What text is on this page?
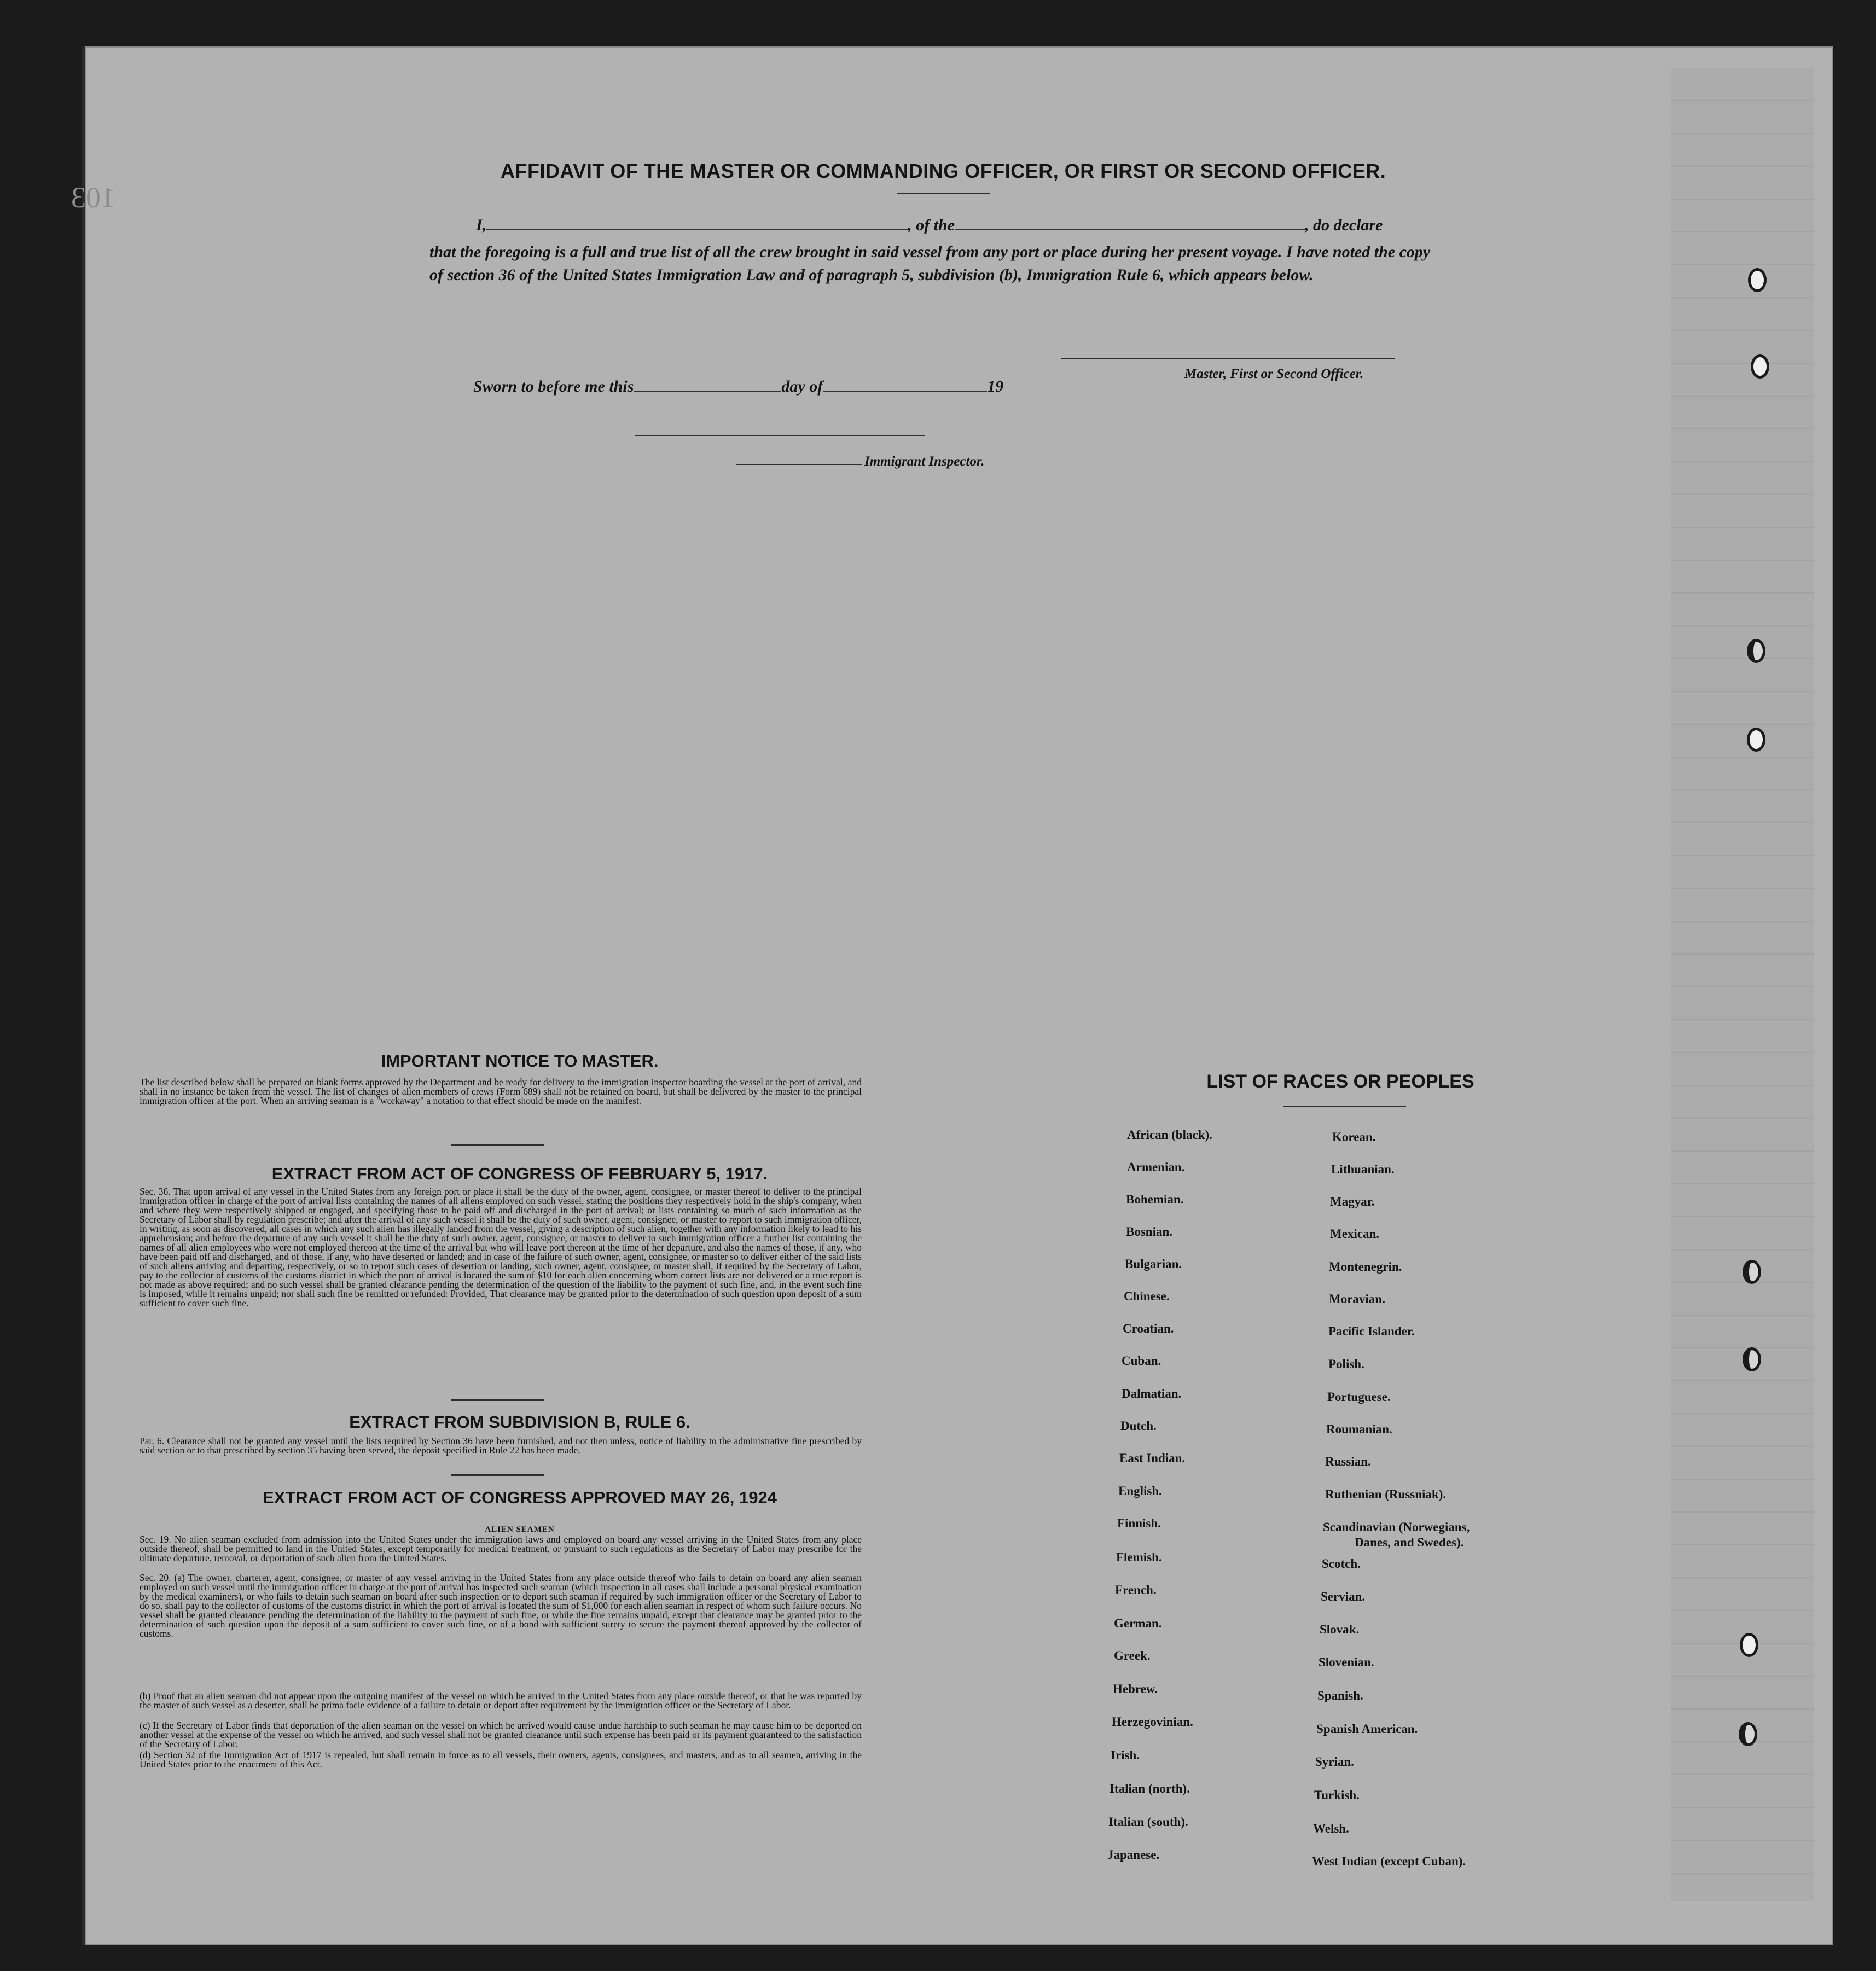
103
AFFIDAVIT OF THE MASTER OR COMMANDING OFFICER, OR FIRST OR SECOND OFFICER.
I,	, of the	, do declare
that the foregoing is a full and true list of all the crew brought in said vessel from any port or place during her present voyage. I have noted the copy of section 36 of the United States Immigration Law and of paragraph 5, subdivision (b), Immigration Rule 6, which appears below.
Master, First or Second Officer.
Sworn to before me this	day of	19
Immigrant Inspector.
IMPORTANT NOTICE TO MASTER.
The list described below shall be prepared on blank forms approved by the Department and be ready for delivery to the immigration inspector boarding the vessel at the port of arrival, and shall in no instance be taken from the vessel. The list of changes of alien members of crews (Form 689) shall not be retained on board, but shall be delivered by the master to the principal immigration officer at the port. When an arriving seaman is a "workaway" a notation to that effect should be made on the manifest.
EXTRACT FROM ACT OF CONGRESS OF FEBRUARY 5, 1917.
Sec. 36. That upon arrival of any vessel in the United States from any foreign port or place it shall be the duty of the owner, agent, consignee, or master thereof to deliver to the principal immigration officer in charge of the port of arrival lists containing the names of all aliens employed on such vessel, stating the positions they respectively hold in the ship's company, when and where they were respectively shipped or engaged, and specifying those to be paid off and discharged in the port of arrival; or lists containing so much of such information as the Secretary of Labor shall by regulation prescribe; and after the arrival of any such vessel it shall be the duty of such owner, agent, consignee, or master to report to such immigration officer, in writing, as soon as discovered, all cases in which any such alien has illegally landed from the vessel, giving a description of such alien, together with any information likely to lead to his apprehension; and before the departure of any such vessel it shall be the duty of such owner, agent, consignee, or master to deliver to such immigration officer a further list containing the names of all alien employees who were not employed thereon at the time of the arrival but who will leave port thereon at the time of her departure, and also the names of those, if any, who have been paid off and discharged, and of those, if any, who have deserted or landed; and in case of the failure of such owner, agent, consignee, or master so to deliver either of the said lists of such aliens arriving and departing, respectively, or so to report such cases of desertion or landing, such owner, agent, consignee, or master shall, if required by the Secretary of Labor, pay to the collector of customs of the customs district in which the port of arrival is located the sum of $10 for each alien concerning whom correct lists are not delivered or a true report is not made as above required; and no such vessel shall be granted clearance pending the determination of the question of the liability to the payment of such fine, and, in the event such fine is imposed, while it remains unpaid; nor shall such fine be remitted or refunded: Provided, That clearance may be granted prior to the determination of such question upon deposit of a sum sufficient to cover such fine.
EXTRACT FROM SUBDIVISION B, RULE 6.
Par. 6. Clearance shall not be granted any vessel until the lists required by Section 36 have been furnished, and not then unless, notice of liability to the administrative fine prescribed by said section or to that prescribed by section 35 having been served, the deposit specified in Rule 22 has been made.
EXTRACT FROM ACT OF CONGRESS APPROVED MAY 26, 1924
ALIEN SEAMEN
Sec. 19. No alien seaman excluded from admission into the United States under the immigration laws and employed on board any vessel arriving in the United States from any place outside thereof, shall be permitted to land in the United States, except temporarily for medical treatment, or pursuant to such regulations as the Secretary of Labor may prescribe for the ultimate departure, removal, or deportation of such alien from the United States.
Sec. 20. (a) The owner, charterer, agent, consignee, or master of any vessel arriving in the United States from any place outside thereof who fails to detain on board any alien seaman employed on such vessel until the immigration officer in charge at the port of arrival has inspected such seaman (which inspection in all cases shall include a personal physical examination by the medical examiners), or who fails to detain such seaman on board after such inspection or to deport such seaman if required by such immigration officer or the Secretary of Labor to do so, shall pay to the collector of customs of the customs district in which the port of arrival is located the sum of $1,000 for each alien seaman in respect of whom such failure occurs. No vessel shall be granted clearance pending the determination of the liability to the payment of such fine, or while the fine remains unpaid, except that clearance may be granted prior to the determination of such question upon the deposit of a sum sufficient to cover such fine, or of a bond with sufficient surety to secure the payment thereof approved by the collector of customs.
(b) Proof that an alien seaman did not appear upon the outgoing manifest of the vessel on which he arrived in the United States from any place outside thereof, or that he was reported by the master of such vessel as a deserter, shall be prima facie evidence of a failure to detain or deport after requirement by the immigration officer or the Secretary of Labor.
(c) If the Secretary of Labor finds that deportation of the alien seaman on the vessel on which he arrived would cause undue hardship to such seaman he may cause him to be deported on another vessel at the expense of the vessel on which he arrived, and such vessel shall not be granted clearance until such expense has been paid or its payment guaranteed to the satisfaction of the Secretary of Labor.
(d) Section 32 of the Immigration Act of 1917 is repealed, but shall remain in force as to all vessels, their owners, agents, consignees, and masters, and as to all seamen, arriving in the United States prior to the enactment of this Act.
LIST OF RACES OR PEOPLES
African (black).
Armenian.
Bohemian.
Bosnian.
Bulgarian.
Chinese.
Croatian.
Cuban.
Dalmatian.
Dutch.
East Indian.
English.
Finnish.
Flemish.
French.
German.
Greek.
Hebrew.
Herzegovinian.
Irish.
Italian (north).
Italian (south).
Japanese.
Korean.
Lithuanian.
Magyar.
Mexican.
Montenegrin.
Moravian.
Pacific Islander.
Polish.
Portuguese.
Roumanian.
Russian.
Ruthenian (Russniak).
Scandinavian (Norwegians,
Danes, and Swedes).
Scotch.
Servian.
Slovak.
Slovenian.
Spanish.
Spanish American.
Syrian.
Turkish.
Welsh.
West Indian (except Cuban).
